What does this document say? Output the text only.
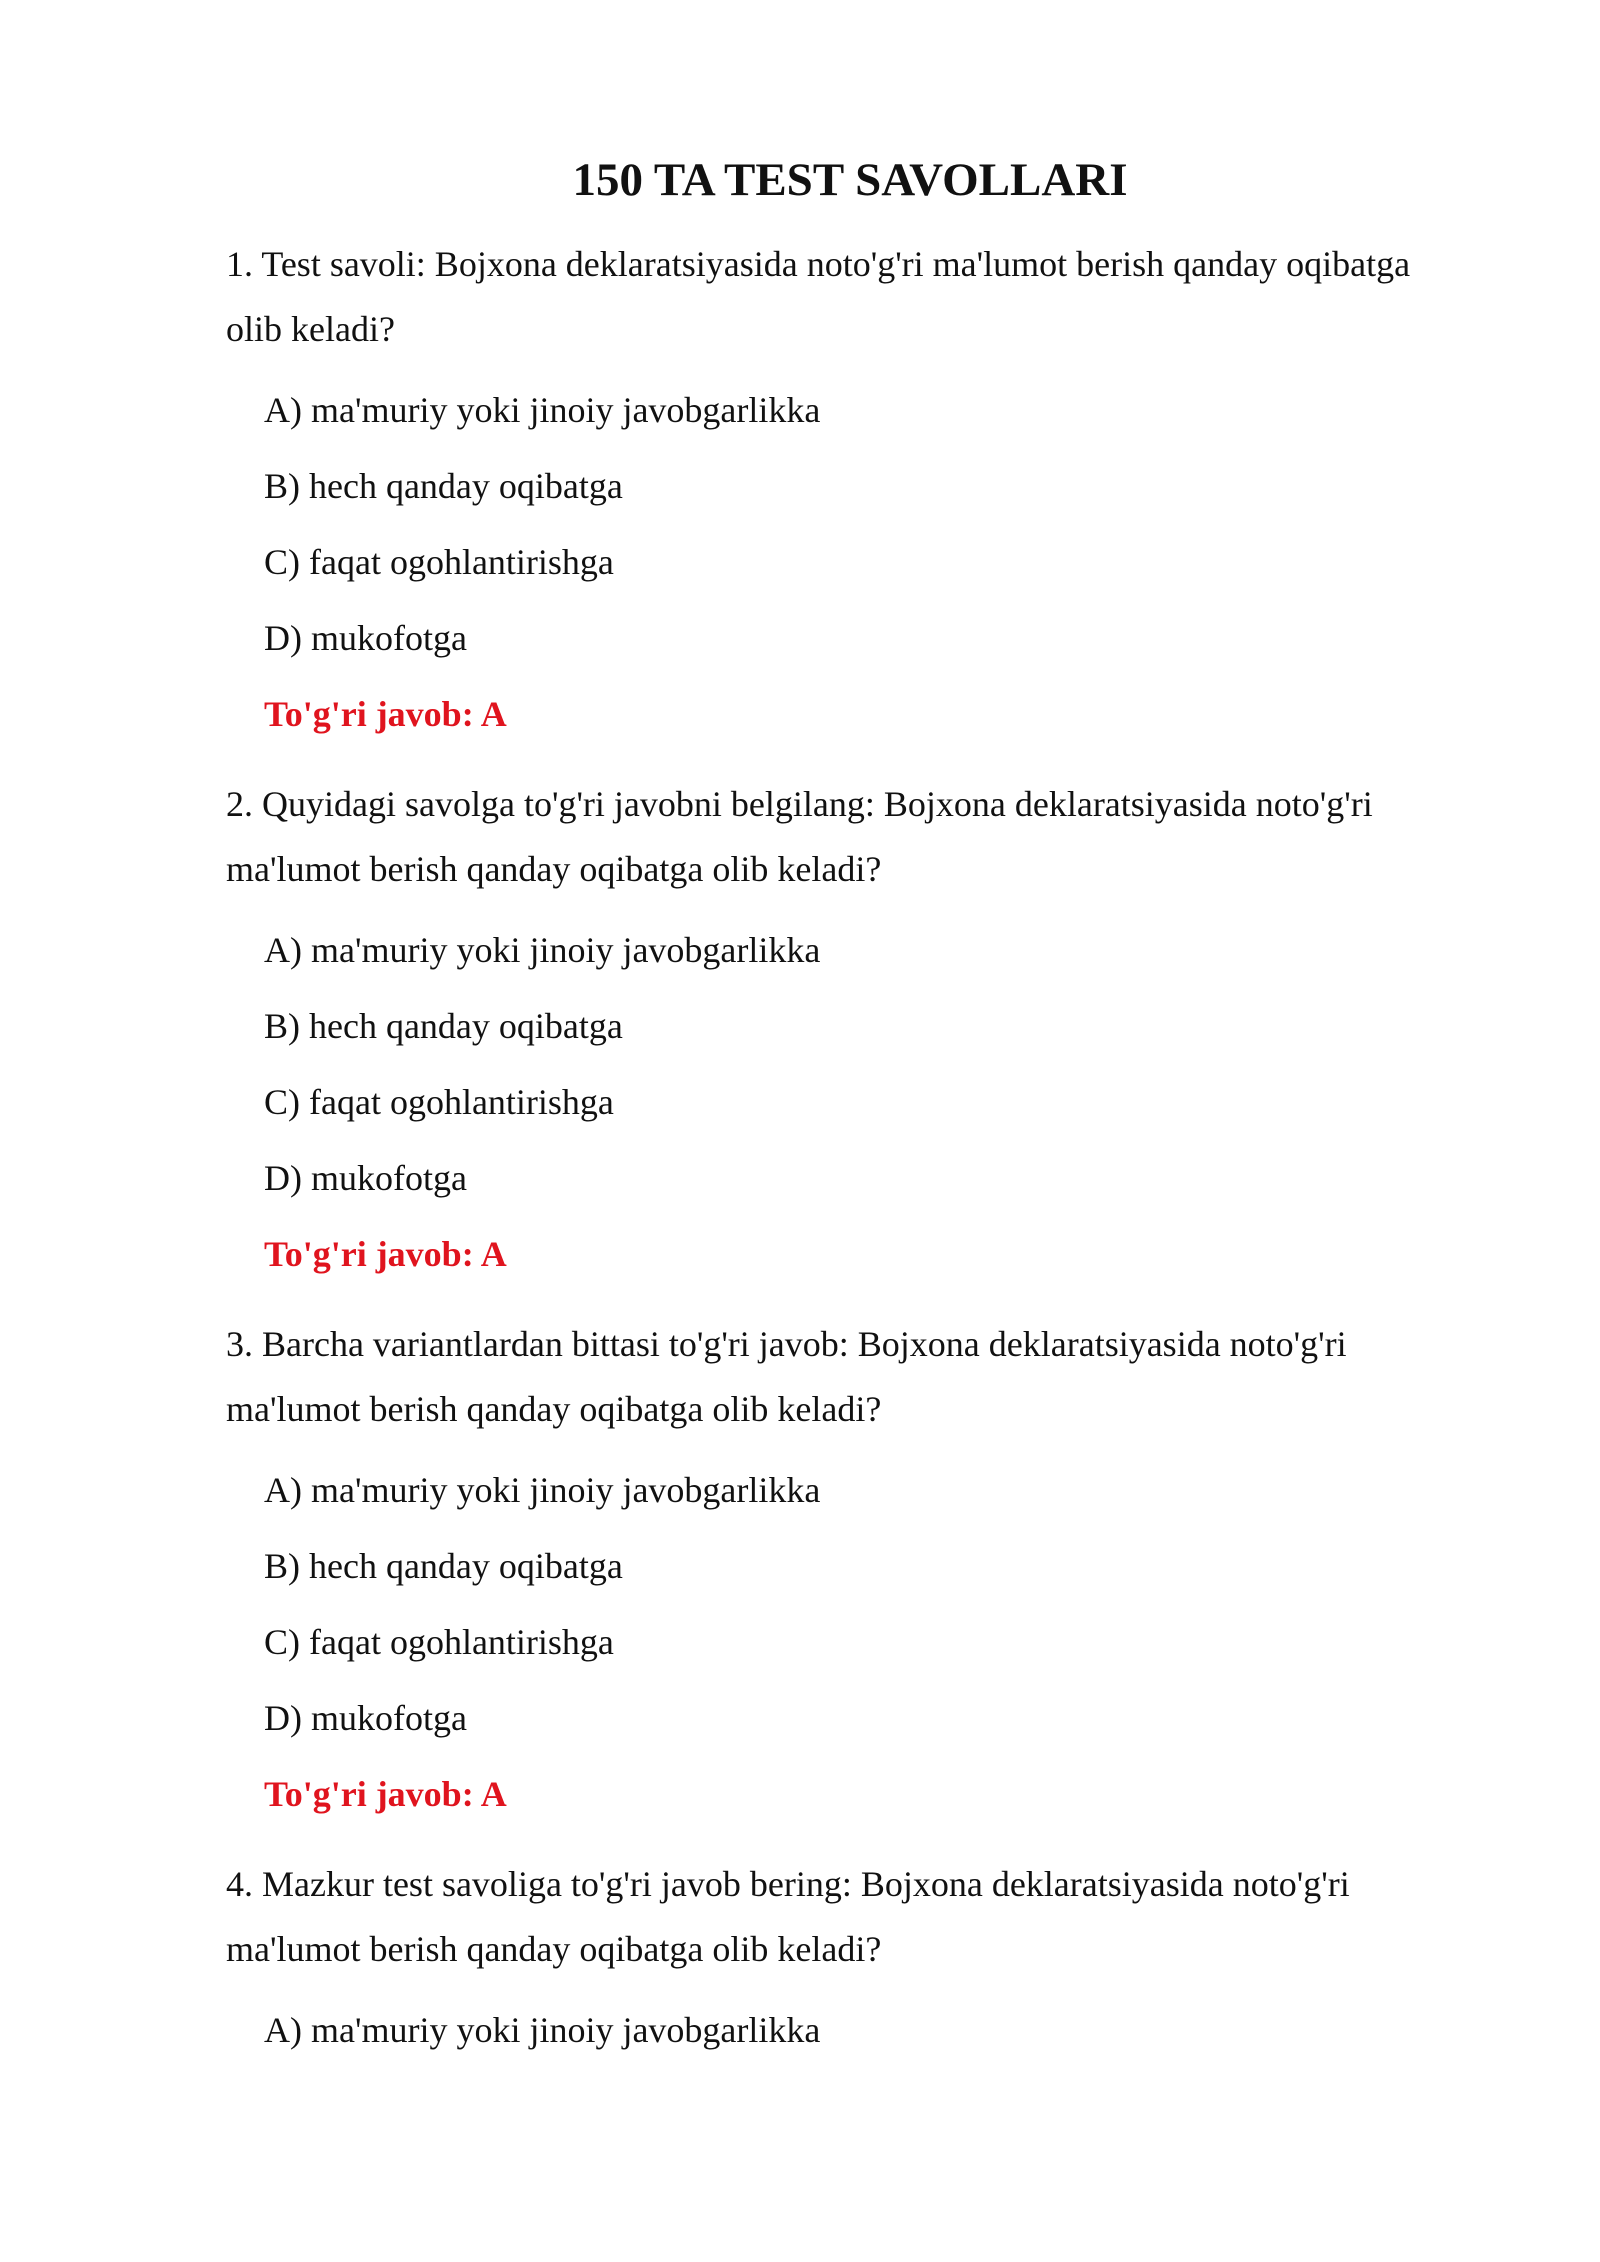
150 TA TEST SAVOLLARI

1. Test savoli: Bojxona deklaratsiyasida noto'g'ri ma'lumot berish qanday oqibatga olib keladi?

A) ma'muriy yoki jinoiy javobgarlikka
B) hech qanday oqibatga
C) faqat ogohlantirishga
D) mukofotga

To'g'ri javob: A

2. Quyidagi savolga to'g'ri javobni belgilang: Bojxona deklaratsiyasida noto'g'ri ma'lumot berish qanday oqibatga olib keladi?

A) ma'muriy yoki jinoiy javobgarlikka
B) hech qanday oqibatga
C) faqat ogohlantirishga
D) mukofotga

To'g'ri javob: A

3. Barcha variantlardan bittasi to'g'ri javob: Bojxona deklaratsiyasida noto'g'ri ma'lumot berish qanday oqibatga olib keladi?

A) ma'muriy yoki jinoiy javobgarlikka
B) hech qanday oqibatga
C) faqat ogohlantirishga
D) mukofotga

To'g'ri javob: A

4. Mazkur test savoliga to'g'ri javob bering: Bojxona deklaratsiyasida noto'g'ri ma'lumot berish qanday oqibatga olib keladi?

A) ma'muriy yoki jinoiy javobgarlikka
